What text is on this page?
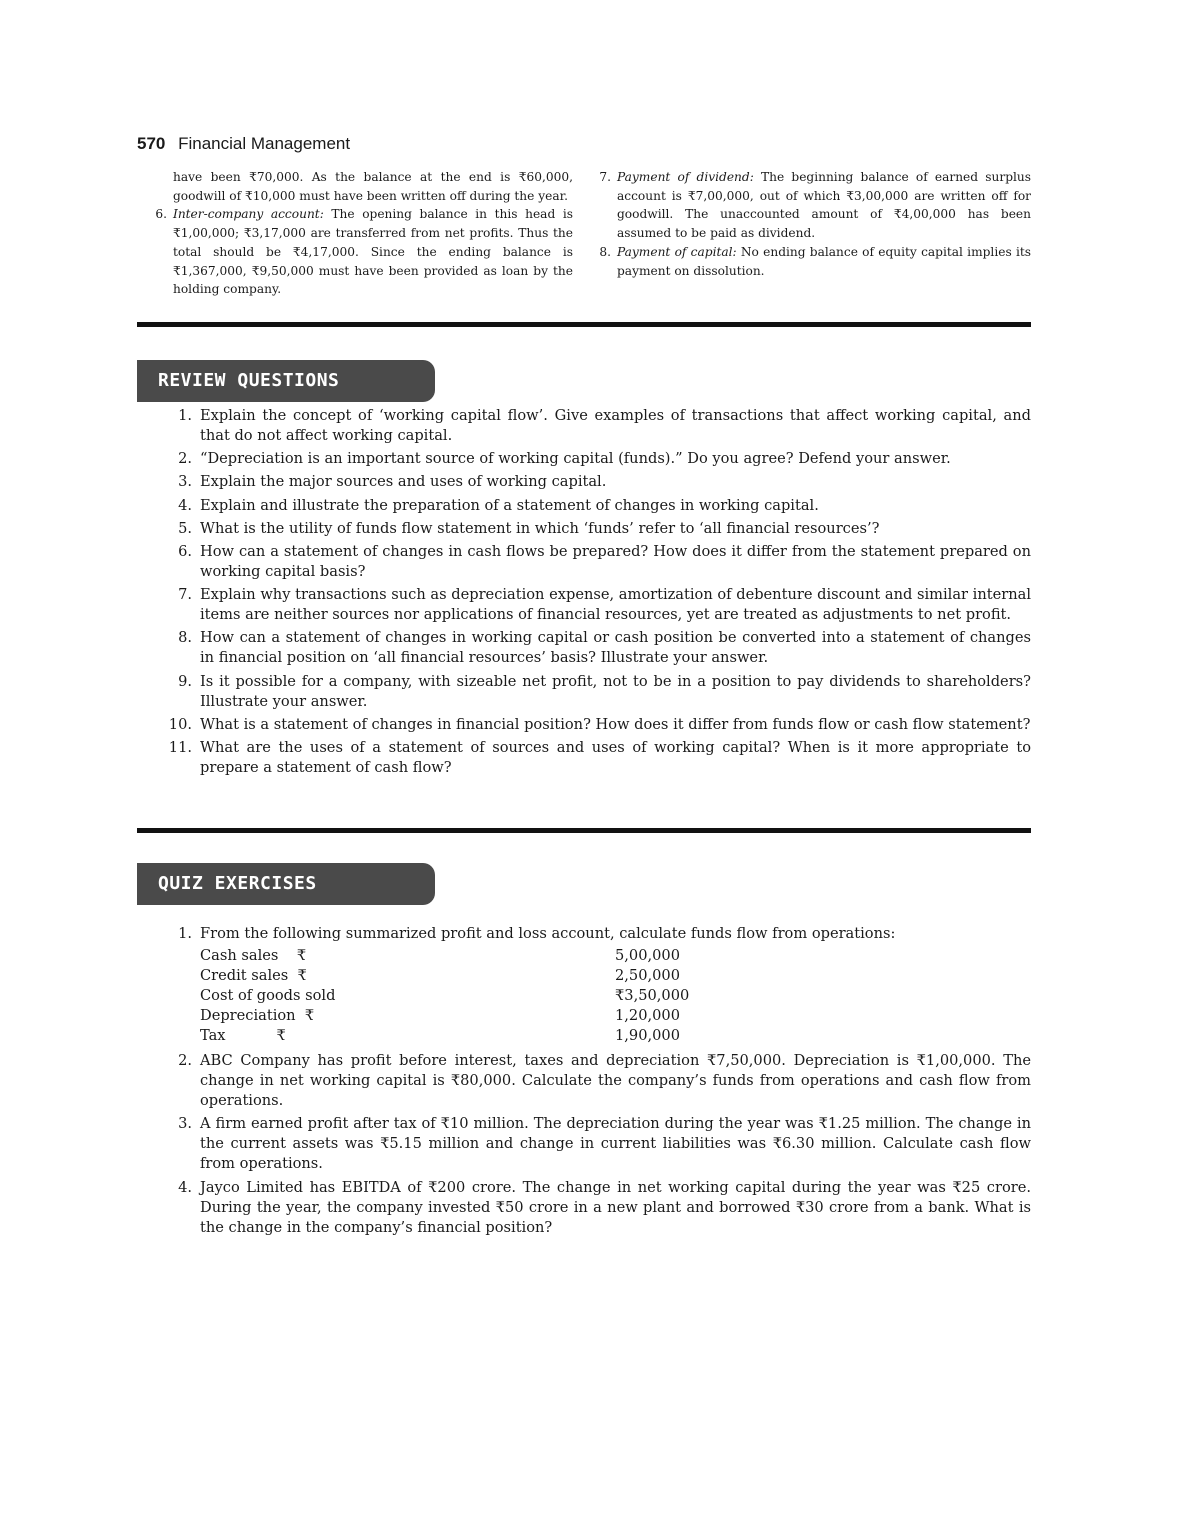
570 Financial Management
have been ₹70,000. As the balance at the end is ₹60,000, goodwill of ₹10,000 must have been written off during the year.
6. Inter-company account: The opening balance in this head is ₹1,00,000; ₹3,17,000 are transferred from net profits. Thus the total should be ₹4,17,000. Since the ending balance is ₹1,367,000, ₹9,50,000 must have been provided as loan by the holding company.
7. Payment of dividend: The beginning balance of earned surplus account is ₹7,00,000, out of which ₹3,00,000 are written off for goodwill. The unaccounted amount of ₹4,00,000 has been assumed to be paid as dividend.
8. Payment of capital: No ending balance of equity capital implies its payment on dissolution.
REVIEW QUESTIONS
1. Explain the concept of ‘working capital flow’. Give examples of transactions that affect working capital, and that do not affect working capital.
2. “Depreciation is an important source of working capital (funds).” Do you agree? Defend your answer.
3. Explain the major sources and uses of working capital.
4. Explain and illustrate the preparation of a statement of changes in working capital.
5. What is the utility of funds flow statement in which ‘funds’ refer to ‘all financial resources’?
6. How can a statement of changes in cash flows be prepared? How does it differ from the statement prepared on working capital basis?
7. Explain why transactions such as depreciation expense, amortization of debenture discount and similar internal items are neither sources nor applications of financial resources, yet are treated as adjustments to net profit.
8. How can a statement of changes in working capital or cash position be converted into a statement of changes in financial position on ‘all financial resources’ basis? Illustrate your answer.
9. Is it possible for a company, with sizeable net profit, not to be in a position to pay dividends to shareholders? Illustrate your answer.
10. What is a statement of changes in financial position? How does it differ from funds flow or cash flow statement?
11. What are the uses of a statement of sources and uses of working capital? When is it more appropriate to prepare a statement of cash flow?
QUIZ EXERCISES
1. From the following summarized profit and loss account, calculate funds flow from operations:
Cash sales    ₹	5,00,000
Credit sales  ₹	2,50,000
Cost of goods sold	₹3,50,000
Depreciation  ₹	1,20,000
Tax           ₹	1,90,000
2. ABC Company has profit before interest, taxes and depreciation ₹7,50,000. Depreciation is ₹1,00,000. The change in net working capital is ₹80,000. Calculate the company’s funds from operations and cash flow from operations.
3. A firm earned profit after tax of ₹10 million. The depreciation during the year was ₹1.25 million. The change in the current assets was ₹5.15 million and change in current liabilities was ₹6.30 million. Calculate cash flow from operations.
4. Jayco Limited has EBITDA of ₹200 crore. The change in net working capital during the year was ₹25 crore. During the year, the company invested ₹50 crore in a new plant and borrowed ₹30 crore from a bank. What is the change in the company’s financial position?
